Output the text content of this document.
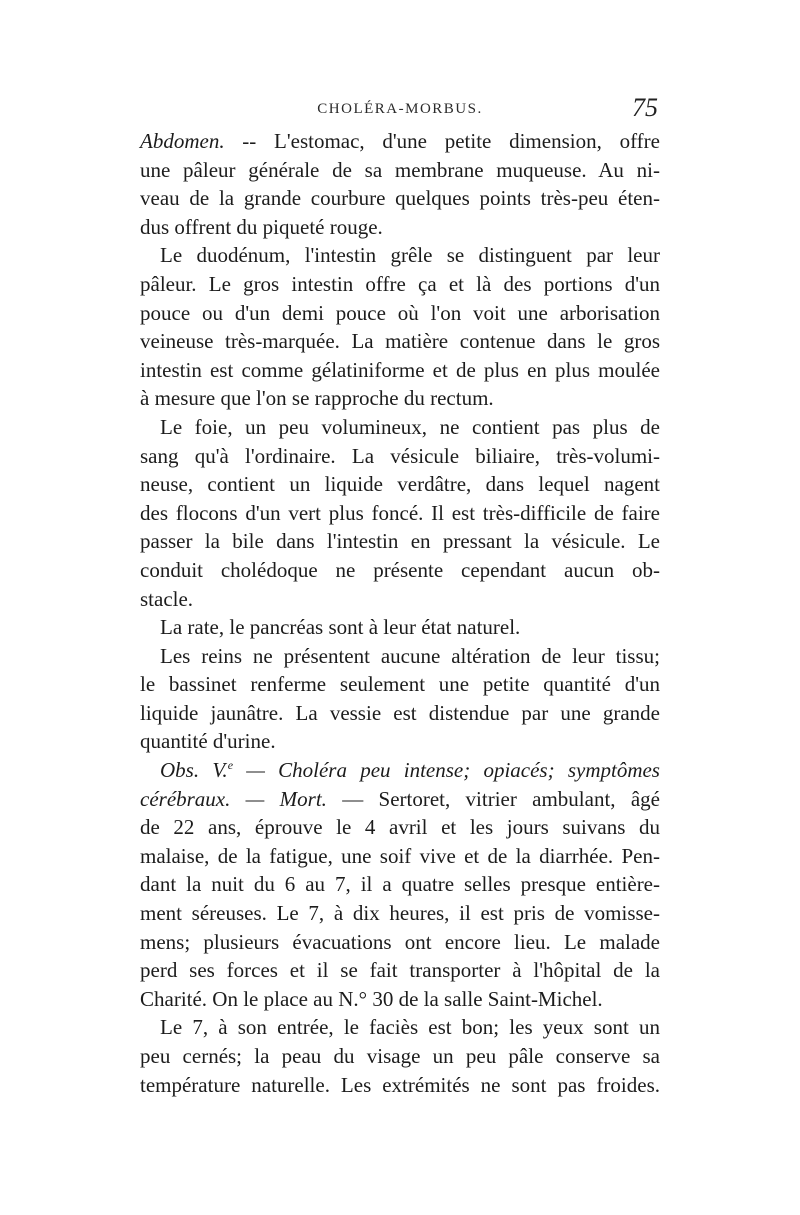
CHOLÉRA-MORBUS.	75
Abdomen. -- L'estomac, d'une petite dimension, offre
une pâleur générale de sa membrane muqueuse. Au ni-
veau de la grande courbure quelques points très-peu éten-
dus offrent du piqueté rouge.
Le duodénum, l'intestin grêle se distinguent par leur
pâleur. Le gros intestin offre ça et là des portions d'un
pouce ou d'un demi pouce où l'on voit une arborisation
veineuse très-marquée. La matière contenue dans le gros
intestin est comme gélatiniforme et de plus en plus moulée
à mesure que l'on se rapproche du rectum.
Le foie, un peu volumineux, ne contient pas plus de
sang qu'à l'ordinaire. La vésicule biliaire, très-volumi-
neuse, contient un liquide verdâtre, dans lequel nagent
des flocons d'un vert plus foncé. Il est très-difficile de faire
passer la bile dans l'intestin en pressant la vésicule. Le
conduit cholédoque ne présente cependant aucun ob-
stacle.
La rate, le pancréas sont à leur état naturel.
Les reins ne présentent aucune altération de leur tissu;
le bassinet renferme seulement une petite quantité d'un
liquide jaunâtre. La vessie est distendue par une grande
quantité d'urine.
Obs. V.$^e$ — Choléra peu intense; opiacés; symptômes
cérébraux. — Mort. — Sertoret, vitrier ambulant, âgé
de 22 ans, éprouve le 4 avril et les jours suivans du
malaise, de la fatigue, une soif vive et de la diarrhée. Pen-
dant la nuit du 6 au 7, il a quatre selles presque entière-
ment séreuses. Le 7, à dix heures, il est pris de vomisse-
mens; plusieurs évacuations ont encore lieu. Le malade
perd ses forces et il se fait transporter à l'hôpital de la
Charité. On le place au N.° 30 de la salle Saint-Michel.
Le 7, à son entrée, le faciès est bon; les yeux sont un
peu cernés; la peau du visage un peu pâle conserve sa
température naturelle. Les extrémités ne sont pas froides.
